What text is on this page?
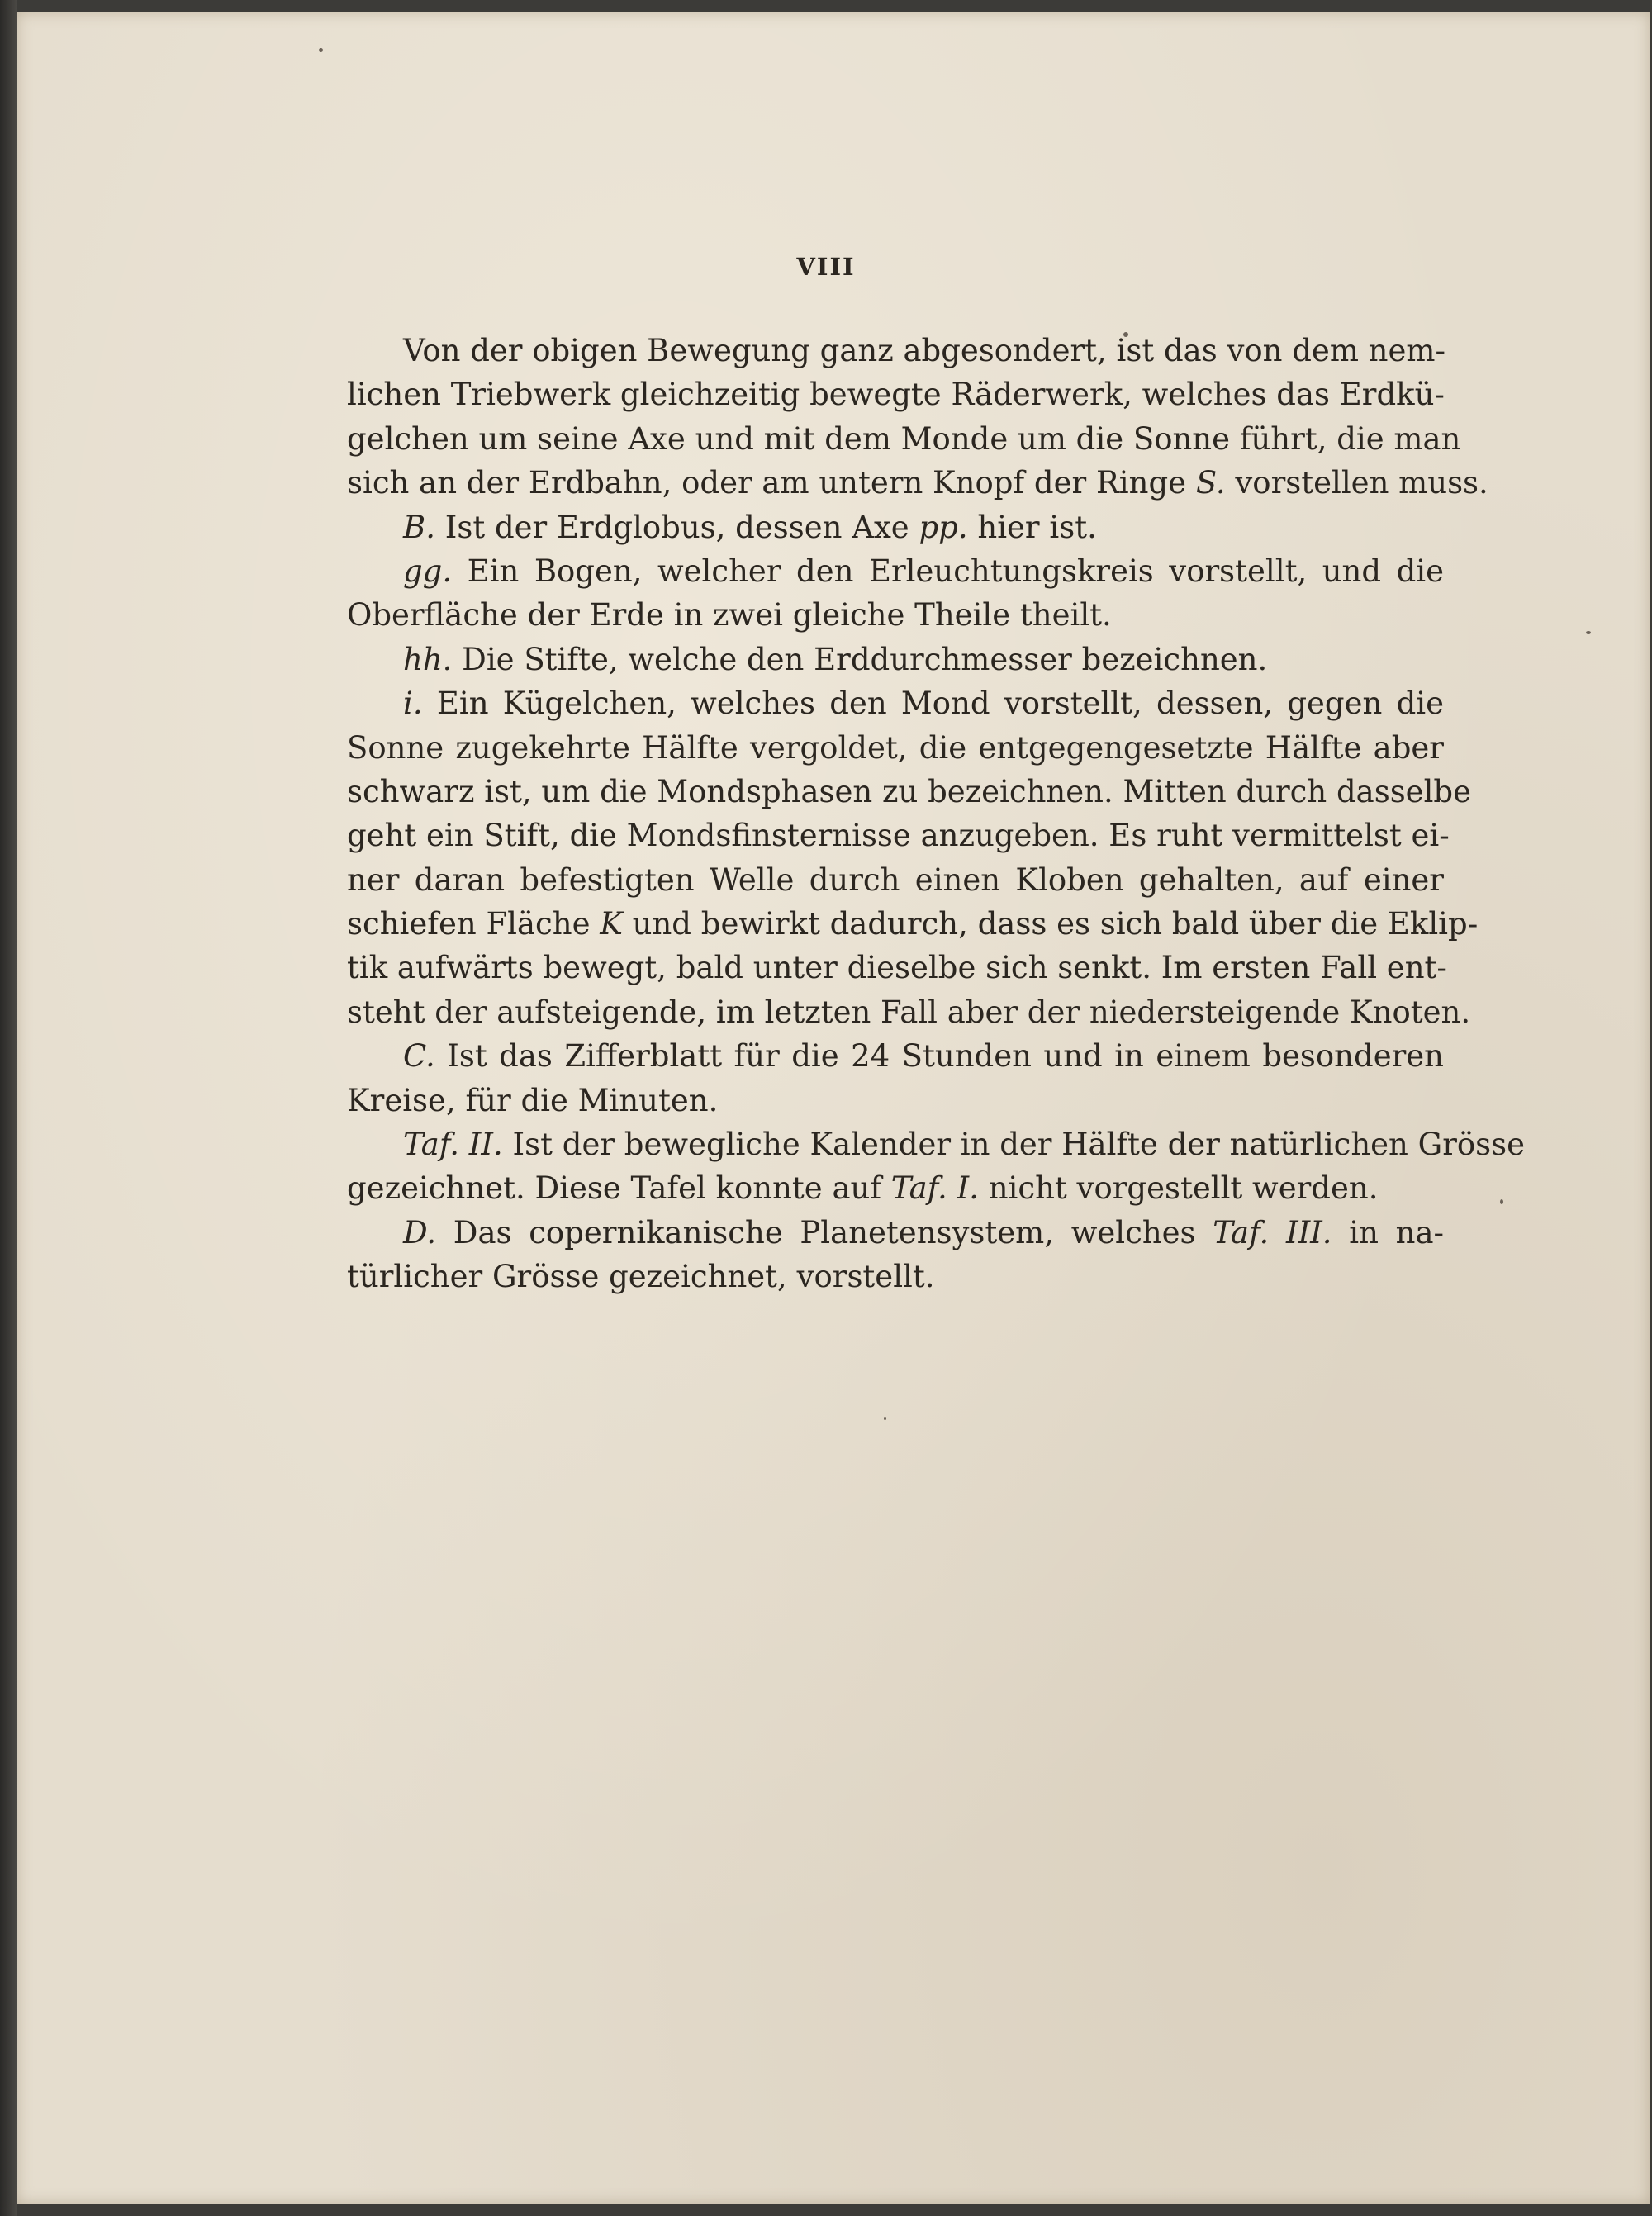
VIII
Von der obigen Bewegung ganz abgesondert, ist das von dem nem-
lichen Triebwerk gleichzeitig bewegte Räderwerk, welches das Erdkü-
gelchen um seine Axe und mit dem Monde um die Sonne führt, die man
sich an der Erdbahn, oder am untern Knopf der Ringe S. vorstellen muss.
B. Ist der Erdglobus, dessen Axe pp. hier ist.
gg. Ein Bogen, welcher den Erleuchtungskreis vorstellt, und die
Oberfläche der Erde in zwei gleiche Theile theilt.
hh. Die Stifte, welche den Erddurchmesser bezeichnen.
i. Ein Kügelchen, welches den Mond vorstellt, dessen, gegen die
Sonne zugekehrte Hälfte vergoldet, die entgegengesetzte Hälfte aber
schwarz ist, um die Mondsphasen zu bezeichnen. Mitten durch dasselbe
geht ein Stift, die Mondsfinsternisse anzugeben. Es ruht vermittelst ei-
ner daran befestigten Welle durch einen Kloben gehalten, auf einer
schiefen Fläche K und bewirkt dadurch, dass es sich bald über die Eklip-
tik aufwärts bewegt, bald unter dieselbe sich senkt. Im ersten Fall ent-
steht der aufsteigende, im letzten Fall aber der niedersteigende Knoten.
C. Ist das Zifferblatt für die 24 Stunden und in einem besonderen
Kreise, für die Minuten.
Taf. II. Ist der bewegliche Kalender in der Hälfte der natürlichen Grösse
gezeichnet. Diese Tafel konnte auf Taf. I. nicht vorgestellt werden.
D. Das copernikanische Planetensystem, welches Taf. III. in na-
türlicher Grösse gezeichnet, vorstellt.
